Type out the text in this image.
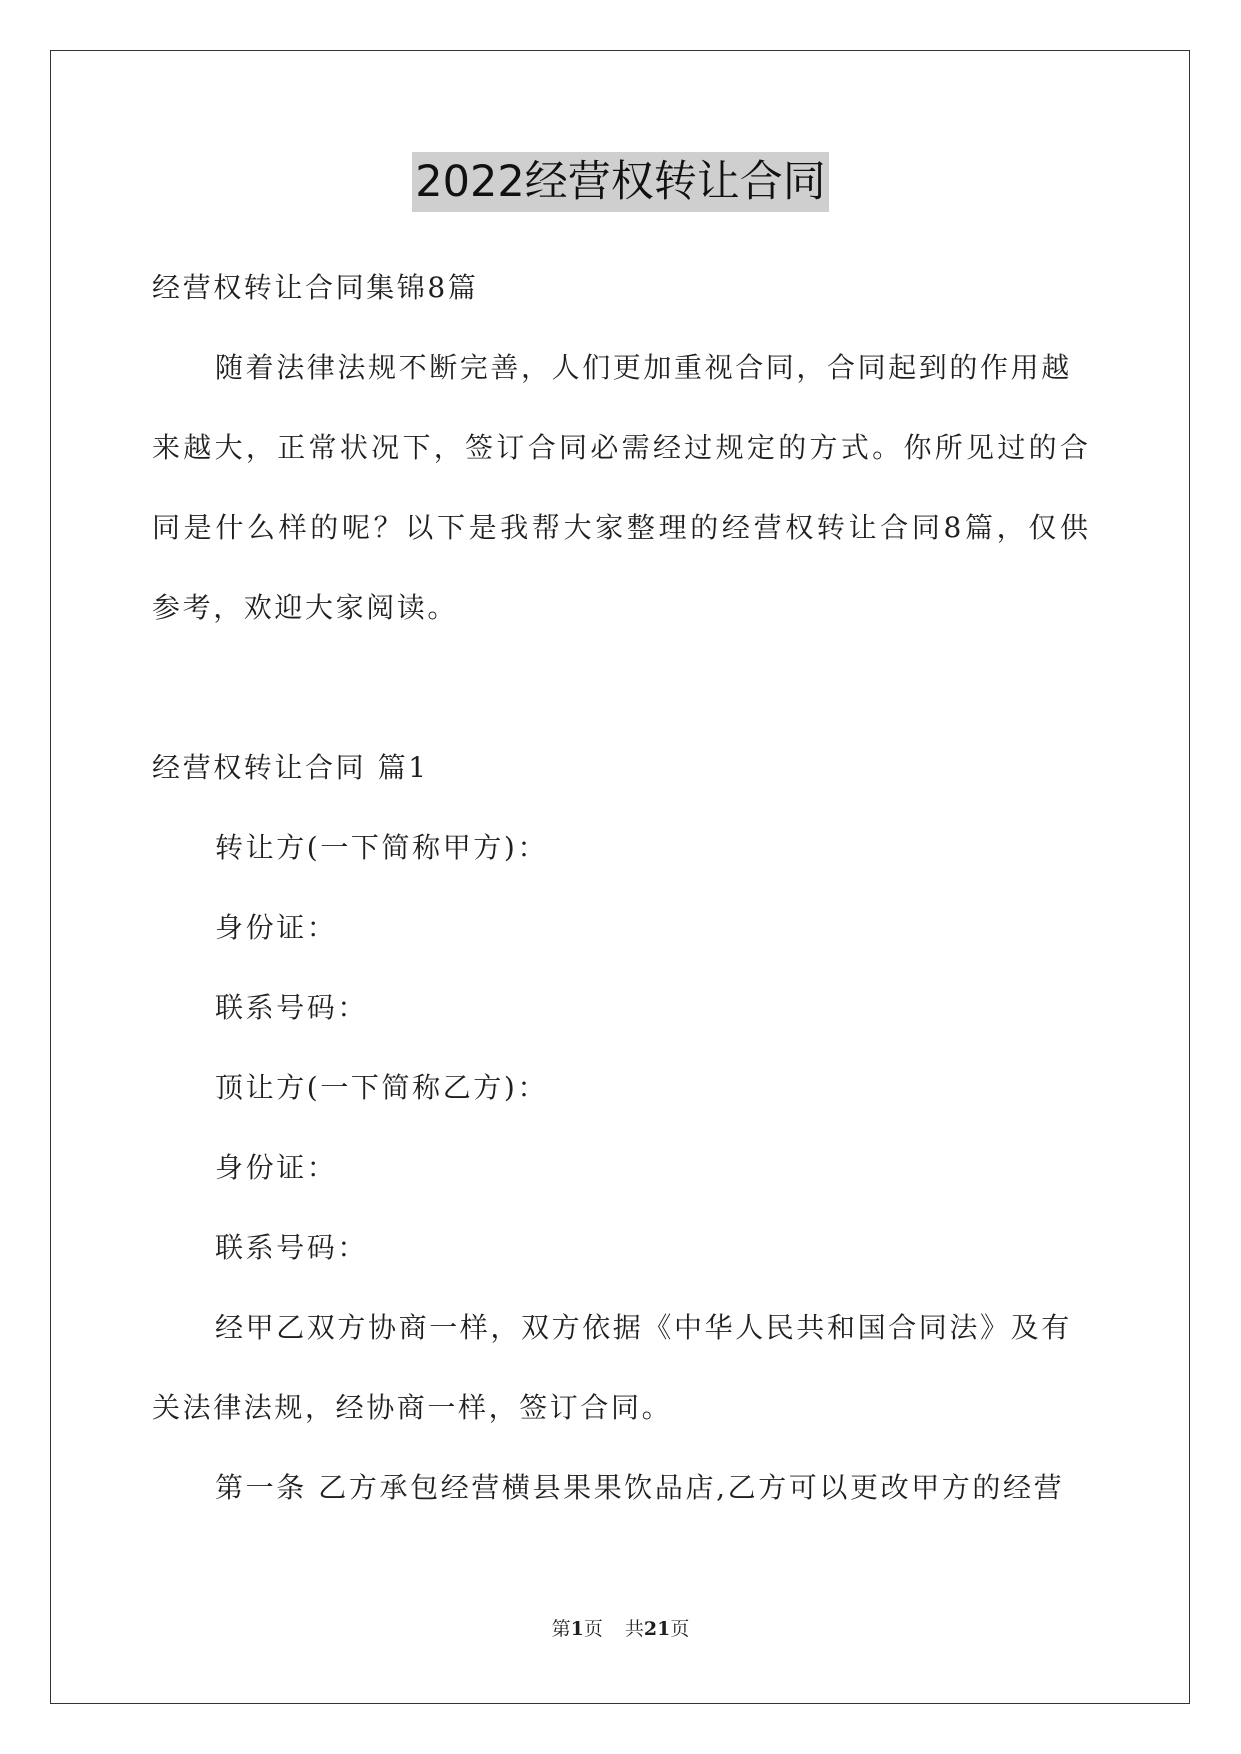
2022经营权转让合同
经营权转让合同集锦8篇
随着法律法规不断完善，人们更加重视合同，合同起到的作用越
来越大，正常状况下，签订合同必需经过规定的方式。你所见过的合
同是什么样的呢？以下是我帮大家整理的经营权转让合同8篇，仅供
参考，欢迎大家阅读。
经营权转让合同 篇1
转让方(一下简称甲方)：
身份证：
联系号码：
顶让方(一下简称乙方)：
身份证：
联系号码：
经甲乙双方协商一样，双方依据《中华人民共和国合同法》及有
关法律法规，经协商一样，签订合同。
第一条 乙方承包经营横县果果饮品店,乙方可以更改甲方的经营
第1页 共21页
